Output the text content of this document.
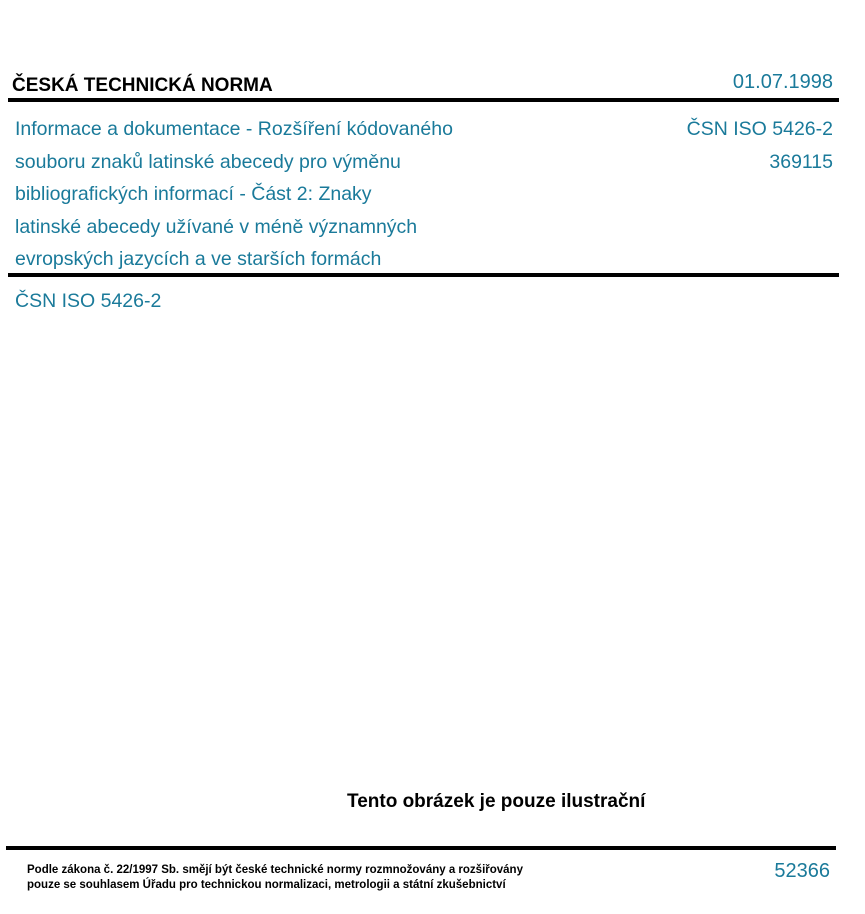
ČESKÁ TECHNICKÁ NORMA	01.07.1998
Informace a dokumentace - Rozšíření kódovaného
souboru znaků latinské abecedy pro výměnu
bibliografických informací - Část 2: Znaky
latinské abecedy užívané v méně významných
evropských jazycích a ve starších formách
ČSN ISO 5426-2
369115
ČSN ISO 5426-2
Tento obrázek je pouze ilustrační
Podle zákona č. 22/1997 Sb. smějí být české technické normy rozmnožovány a rozšiřovány
pouze se souhlasem Úřadu pro technickou normalizaci, metrologii a státní zkušebnictví
52366
